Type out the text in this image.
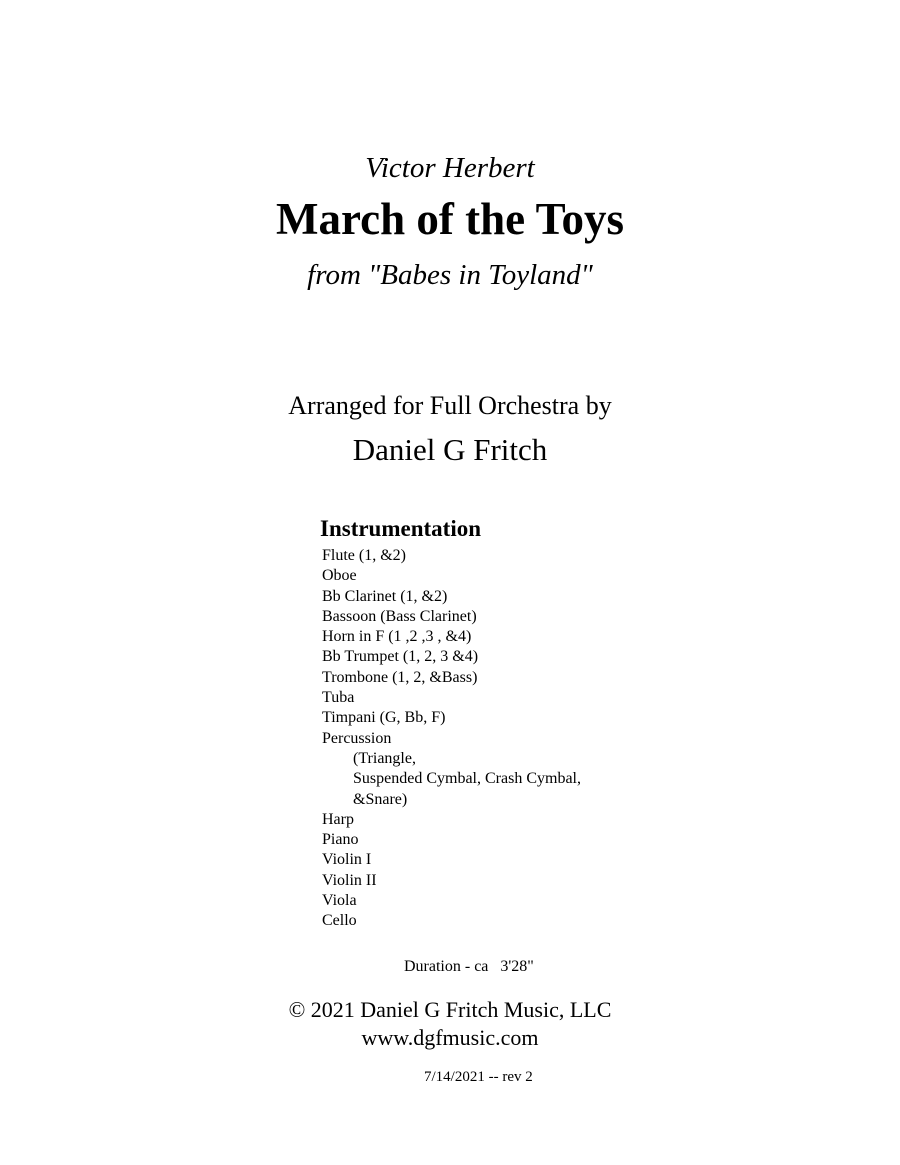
Victor Herbert
March of the Toys
from "Babes in Toyland"
Arranged for Full Orchestra by
Daniel G Fritch
Instrumentation
Flute (1, &2)
Oboe
Bb Clarinet (1, &2)
Bassoon (Bass Clarinet)
Horn in F (1 ,2 ,3 , &4)
Bb Trumpet (1, 2, 3 &4)
Trombone (1, 2, &Bass)
Tuba
Timpani (G, Bb, F)
Percussion
(Triangle,
Suspended Cymbal, Crash Cymbal,
&Snare)
Harp
Piano
Violin I
Violin II
Viola
Cello
Duration - ca   3'28"
© 2021 Daniel G Fritch Music, LLC
www.dgfmusic.com
7/14/2021 -- rev 2
